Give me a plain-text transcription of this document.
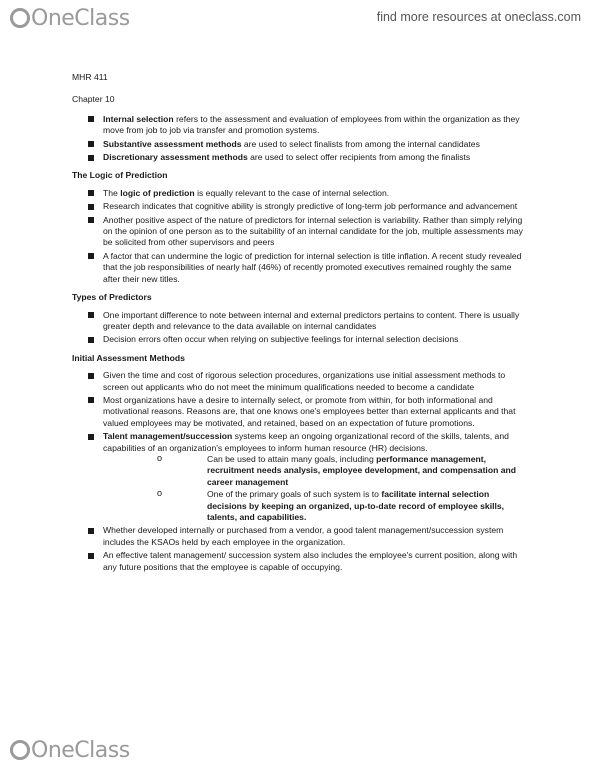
OneClass	find more resources at oneclass.com
MHR 411
Chapter 10
Internal selection refers to the assessment and evaluation of employees from within the organization as they move from job to job via transfer and promotion systems.
Substantive assessment methods are used to select finalists from among the internal candidates
Discretionary assessment methods are used to select offer recipients from among the finalists
The Logic of Prediction
The logic of prediction is equally relevant to the case of internal selection.
Research indicates that cognitive ability is strongly predictive of long-term job performance and advancement
Another positive aspect of the nature of predictors for internal selection is variability. Rather than simply relying on the opinion of one person as to the suitability of an internal candidate for the job, multiple assessments may be solicited from other supervisors and peers
A factor that can undermine the logic of prediction for internal selection is title inflation. A recent study revealed that the job responsibilities of nearly half (46%) of recently promoted executives remained roughly the same after their new titles.
Types of Predictors
One important difference to note between internal and external predictors pertains to content. There is usually greater depth and relevance to the data available on internal candidates
Decision errors often occur when relying on subjective feelings for internal selection decisions
Initial Assessment Methods
Given the time and cost of rigorous selection procedures, organizations use initial assessment methods to screen out applicants who do not meet the minimum qualifications needed to become a candidate
Most organizations have a desire to internally select, or promote from within, for both informational and motivational reasons. Reasons are, that one knows one's employees better than external applicants and that valued employees may be motivated, and retained, based on an expectation of future promotions.
Talent management/succession systems keep an ongoing organizational record of the skills, talents, and capabilities of an organization's employees to inform human resource (HR) decisions.
o Can be used to attain many goals, including performance management, recruitment needs analysis, employee development, and compensation and career management
o One of the primary goals of such system is to facilitate internal selection decisions by keeping an organized, up-to-date record of employee skills, talents, and capabilities.
Whether developed internally or purchased from a vendor, a good talent management/succession system includes the KSAOs held by each employee in the organization.
An effective talent management/ succession system also includes the employee's current position, along with any future positions that the employee is capable of occupying.
OneClass
